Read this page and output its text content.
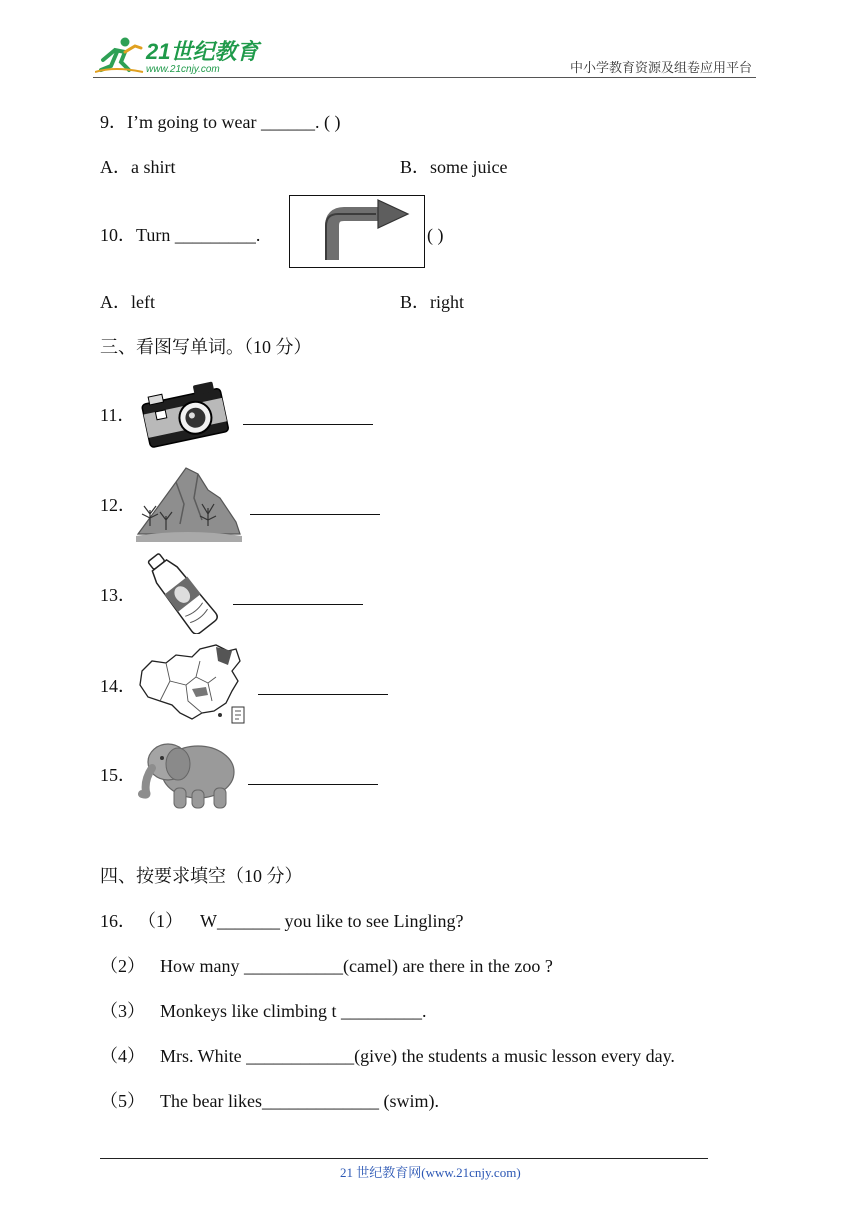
21世纪教育
www.21cnjy.com	中小学教育资源及组卷应用平台
9．I’m going to wear ______. ( )
A．a shirt	B．some juice
10．Turn _________.	( )
A．left	B．right
三、看图写单词。（10 分）
11．
12．
13．
14．
15．
四、按要求填空（10 分）
16． （1） W_______ you like to see Lingling?
（2） How many ___________(camel) are there in the zoo ?
（3） Monkeys like climbing t _________.
（4） Mrs. White ____________(give) the students a music lesson every day.
（5） The bear likes_____________ (swim).
21 世纪教育网(www.21cnjy.com)
